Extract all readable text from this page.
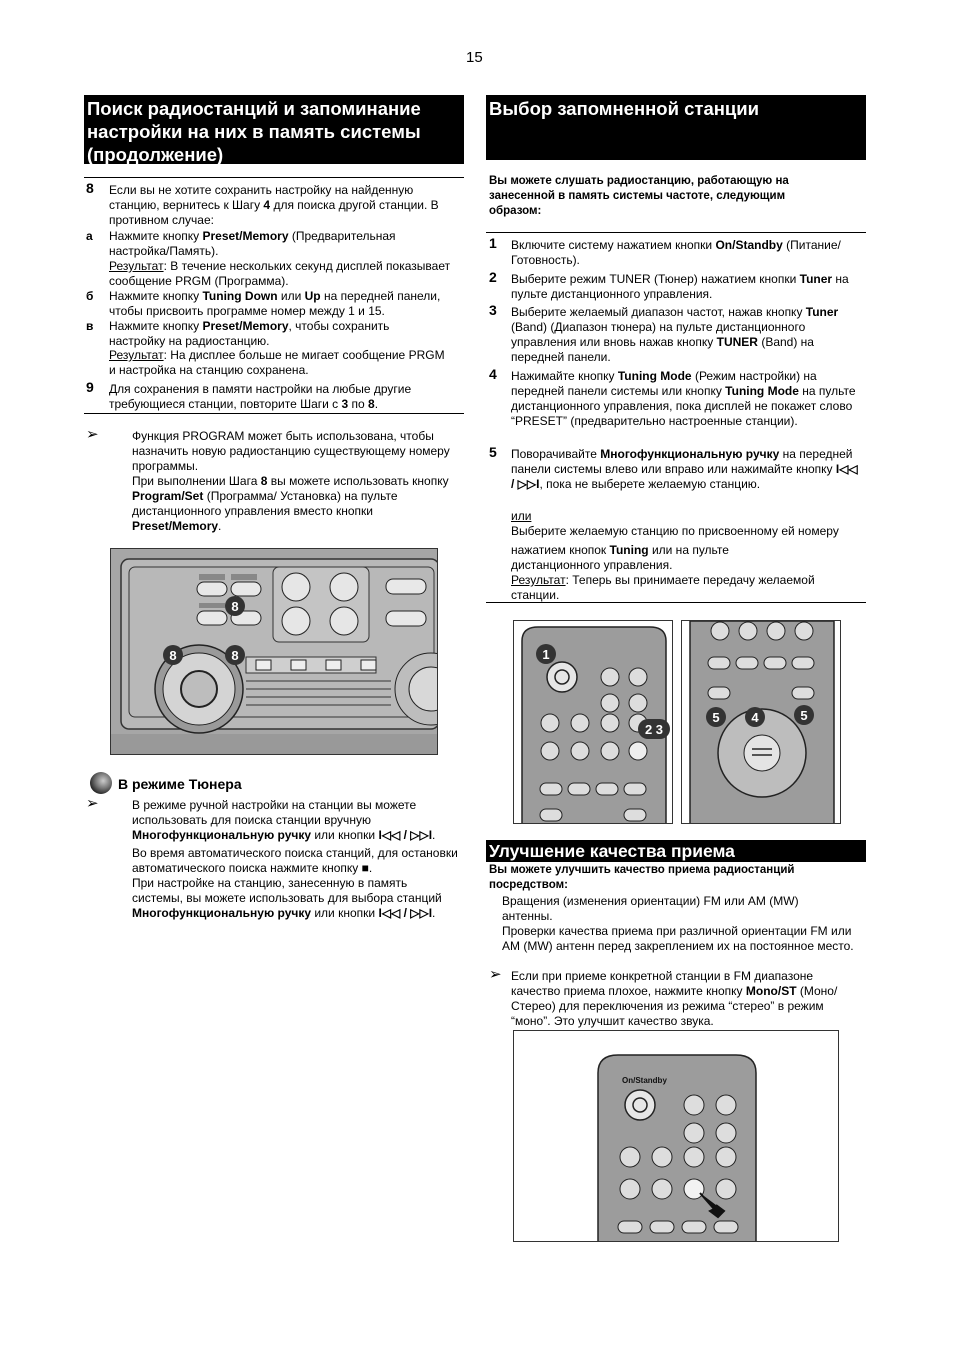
15
Поиск радиостанций и запоминание настройки на них в память системы (продолжение)
8 Если вы не хотите сохранить настройку на найденную станцию, вернитесь к Шагу 4 для поиска другой станции. В противном случае:
а Нажмите кнопку Preset/Memory (Предварительная настройка/Память).
Результат: В течение нескольких секунд дисплей показывает сообщение PRGM (Программа).
б Нажмите кнопку Tuning Down или Up на передней панели, чтобы присвоить программе номер между 1 и 15.
в Нажмите кнопку Preset/Memory, чтобы сохранить настройку на радиостанцию.
Результат: На дисплее больше не мигает сообщение PRGM и настройка на станцию сохранена.
9 Для сохранения в памяти настройки на любые другие требующиеся станции, повторите Шаги с 3 по 8.
➢	Функция PROGRAM может быть использована, чтобы назначить новую радиостанцию существующему номеру программы.
При выполнении Шага 8 вы можете использовать кнопку Program/Set (Программа/ Установка) на пульте дистанционного управления вместо кнопки Preset/Memory.
8
8	8
В режиме Тюнера
➢	В режиме ручной настройки на станции вы можете использовать для поиска станции вручную Многофункциональную ручку или кнопки I◁◁ / ▷▷I.
Во время автоматического поиска станций, для остановки автоматического поиска нажмите кнопку ■.
При настройке на станцию, занесенную в память системы, вы можете использовать для выбора станций Многофункциональную ручку или кнопки I◁◁ / ▷▷I.
Выбор запомненной станции
Вы можете слушать радиостанцию, работающую на занесенной в память системы частоте, следующим образом:
1 Включите систему нажатием кнопки On/Standby (Питание/ Готовность).
2 Выберите режим TUNER (Тюнер) нажатием кнопки Tuner на пульте дистанционного управления.
3 Выберите желаемый диапазон частот, нажав кнопку Tuner (Band) (Диапазон тюнера) на пульте дистанционного управления или вновь нажав кнопку TUNER (Band) на передней панели.
4 Нажимайте кнопку Tuning Mode (Режим настройки) на передней панели системы или кнопку Tuning Mode на пульте дистанционного управления, пока дисплей не покажет слово “PRESET” (предварительно настроенные станции).
5 Поворачивайте Многофункциональную ручку на передней панели системы влево или вправо или нажимайте кнопку I◁◁ / ▷▷I, пока не выберете желаемую станцию.
или
Выберите желаемую станцию по присвоенному ей номеру
нажатием кнопок Tuning или на пульте
дистанционного управления.
Результат: Теперь вы принимаете передачу желаемой станции.
1
2 3
5 4	5
Улучшение качества приема
Вы можете улучшить качество приема радиостанций посредством:
Вращения (изменения ориентации) FM или AM (MW) антенны.
Проверки качества приема при различной ориентации FM или AM (MW) антенн перед закреплением их на постоянное место.
➢ Если при приеме конкретной станции в FM диапазоне качество приема плохое, нажмите кнопку Mono/ST (Моно/Стерео) для переключения из режима “стерео” в режим “моно”. Это улучшит качество звука.
On/Standby
